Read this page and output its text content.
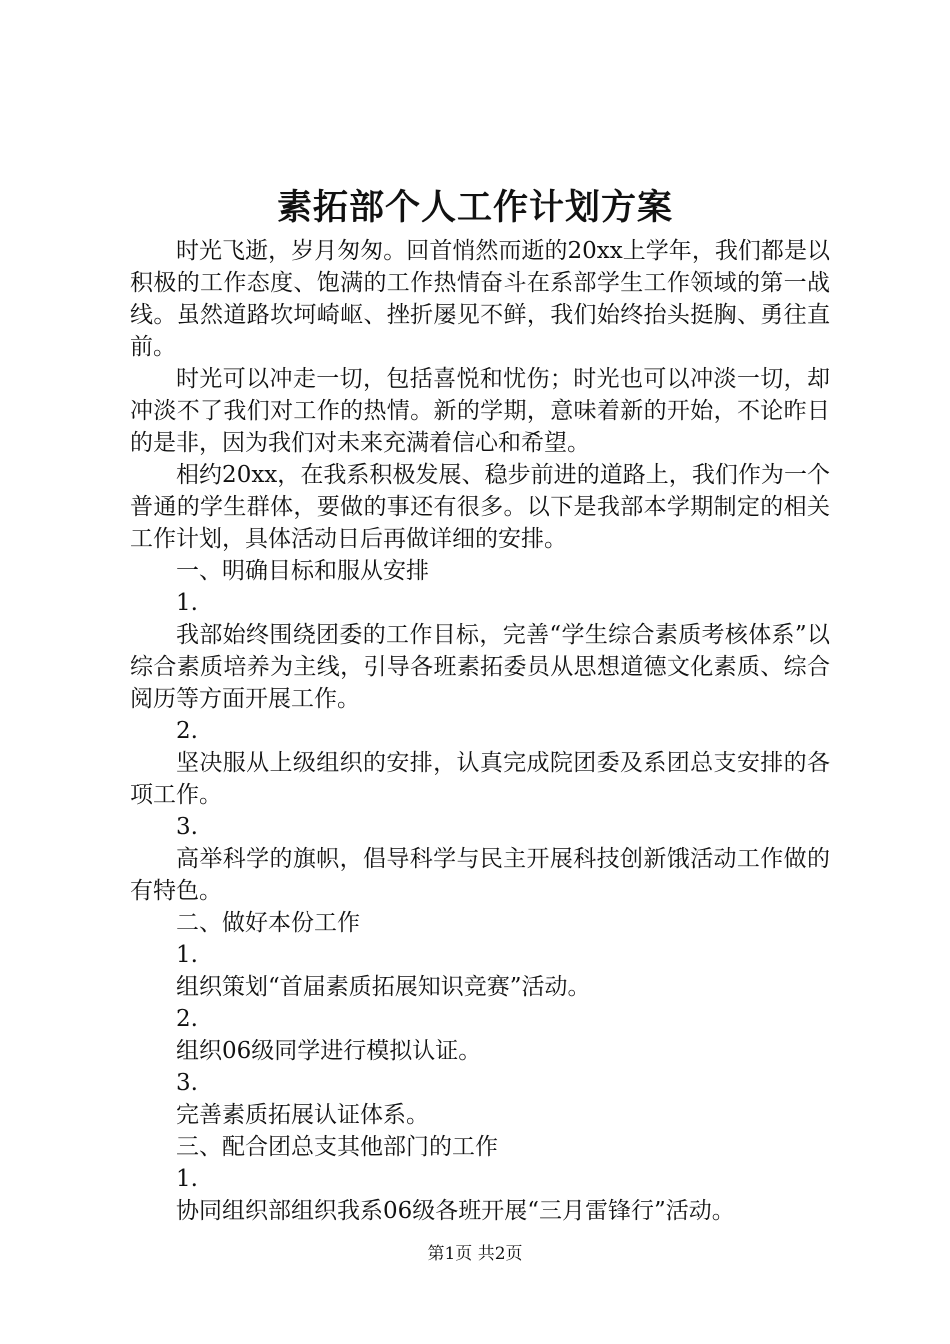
素拓部个人工作计划方案

时光飞逝，岁月匆匆。回首悄然而逝的20xx上学年，我们都是以积极的工作态度、饱满的工作热情奋斗在系部学生工作领域的第一战线。虽然道路坎坷崎岖、挫折屡见不鲜，我们始终抬头挺胸、勇往直前。

时光可以冲走一切，包括喜悦和忧伤；时光也可以冲淡一切，却冲淡不了我们对工作的热情。新的学期，意味着新的开始，不论昨日的是非，因为我们对未来充满着信心和希望。

相约20xx，在我系积极发展、稳步前进的道路上，我们作为一个普通的学生群体，要做的事还有很多。以下是我部本学期制定的相关工作计划，具体活动日后再做详细的安排。

一、明确目标和服从安排

1.

我部始终围绕团委的工作目标，完善“学生综合素质考核体系”以综合素质培养为主线，引导各班素拓委员从思想道德文化素质、综合阅历等方面开展工作。

2.

坚决服从上级组织的安排，认真完成院团委及系团总支安排的各项工作。

3.

高举科学的旗帜，倡导科学与民主开展科技创新饿活动工作做的有特色。

二、做好本份工作

1.

组织策划“首届素质拓展知识竞赛”活动。

2.

组织06级同学进行模拟认证。

3.

完善素质拓展认证体系。

三、配合团总支其他部门的工作

1.

协同组织部组织我系06级各班开展“三月雷锋行”活动。

第1页 共2页
